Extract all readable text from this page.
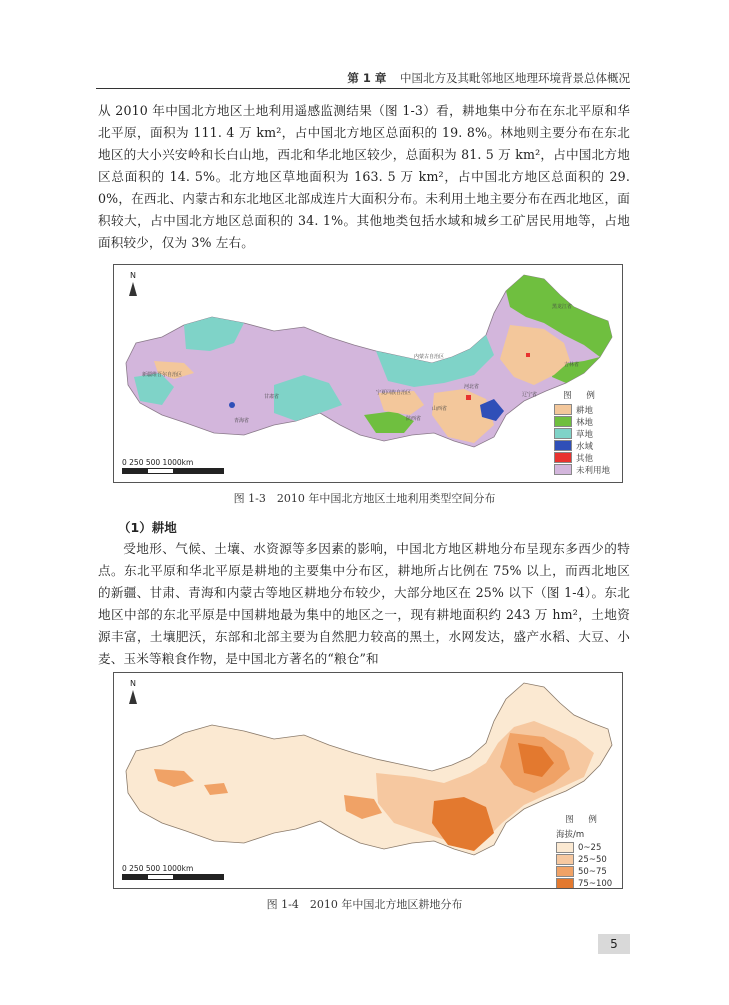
第 1 章 中国北方及其毗邻地区地理环境背景总体概况

从 2010 年中国北方地区土地利用遥感监测结果（图 1-3）看，耕地集中分布在东北平原和华北平原，面积为 111. 4 万 km²，占中国北方地区总面积的 19. 8%。林地则主要分布在东北地区的大小兴安岭和长白山地，西北和华北地区较少，总面积为 81. 5 万 km²，占中国北方地区总面积的 14. 5%。北方地区草地面积为 163. 5 万 km²，占中国北方地区总面积的 29. 0%，在西北、内蒙古和东北地区北部成连片大面积分布。未利用土地主要分布在西北地区，面积较大，占中国北方地区总面积的 34. 1%。其他地类包括水域和城乡工矿居民用地等，占地面积较少，仅为 3% 左右。

N
0 250 500 1000km
图 例
耕地
林地
草地
水域
其他
未利用地
新疆维吾尔自治区
内蒙古自治区
黑龙江省
吉林省
辽宁省
甘肃省
宁夏回族自治区
陕西省
山西省
河北省
青海省
图 1-3　2010 年中国北方地区土地利用类型空间分布
（1）耕地

受地形、气候、土壤、水资源等多因素的影响，中国北方地区耕地分布呈现东多西少的特点。东北平原和华北平原是耕地的主要集中分布区，耕地所占比例在 75% 以上，而西北地区的新疆、甘肃、青海和内蒙古等地区耕地分布较少，大部分地区在 25% 以下（图 1-4）。东北地区中部的东北平原是中国耕地最为集中的地区之一，现有耕地面积约 243 万 hm²，土地资源丰富，土壤肥沃，东部和北部主要为自然肥力较高的黑土，水网发达，盛产水稻、大豆、小麦、玉米等粮食作物，是中国北方著名的“粮仓”和

N
0 250 500 1000km
图 例
海拔/m
0~25
25~50
50~75
75~100
图 1-4　2010 年中国北方地区耕地分布
5
